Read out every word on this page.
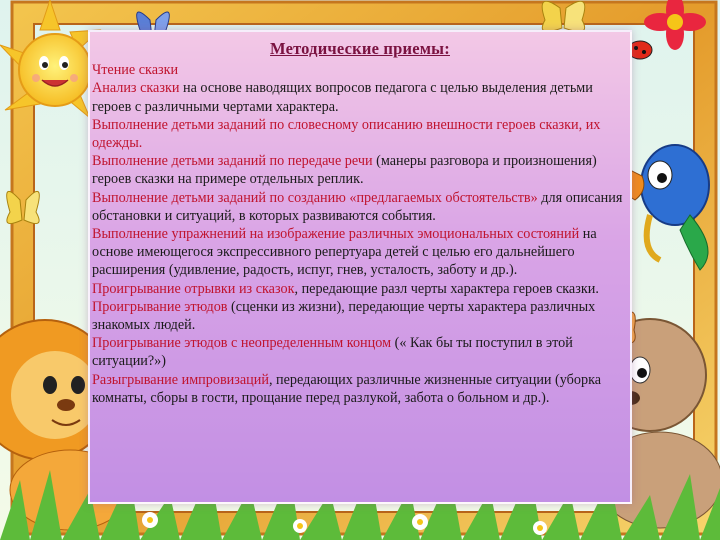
Методические приемы:

Чтение сказки

Анализ сказки на основе наводящих вопросов педагога с целью выделения детьми героев с различными чертами характера.

Выполнение детьми заданий по словесному описанию внешности героев сказки, их одежды.

Выполнение детьми заданий по передаче речи (манеры разговора и произношения) героев сказки на примере отдельных реплик.

Выполнение детьми заданий по созданию «предлагаемых обстоятельств» для описания обстановки и ситуаций, в которых развиваются события.

Выполнение упражнений на изображение различных эмоциональных состояний на основе имеющегося экспрессивного репертуара детей с целью его дальнейшего расширения (удивление, радость, испуг, гнев, усталость, заботу и др.).

Проигрывание отрывки из сказок, передающие разл черты характера героев сказки.

Проигрывание этюдов (сценки из жизни), передающие черты характера различных знакомых людей.

Проигрывание этюдов с неопределенным концом (« Как бы ты поступил в этой ситуации?»)

Разыгрывание импровизаций, передающих различные жизненные ситуации (уборка комнаты, сборы в гости, прощание перед разлукой, забота о больном и др.).
